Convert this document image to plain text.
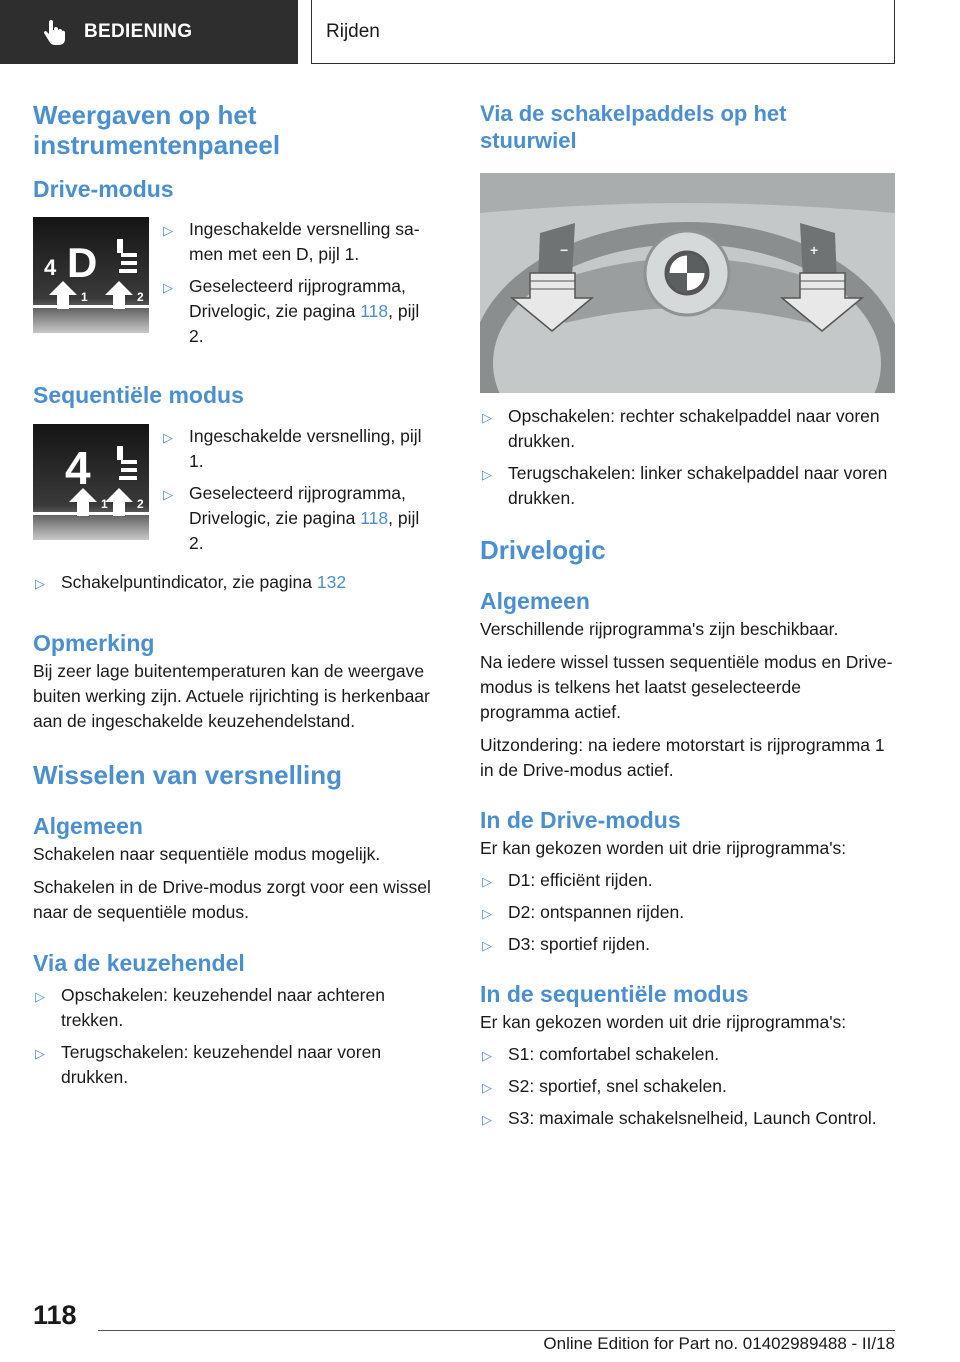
BEDIENING	Rijden
Weergaven op het instrumentenpaneel
Drive-modus
4 D
1	2
▷ Ingeschakelde versnelling samen met een D, pijl 1.
▷ Geselecteerd rijprogramma, Drivelogic, zie pagina 118, pijl 2.
Sequentiële modus
4
1 2
▷ Ingeschakelde versnelling, pijl 1.
▷ Geselecteerd rijprogramma, Drivelogic, zie pagina 118, pijl 2.
▷ Schakelpuntindicator, zie pagina 132
Opmerking

Bij zeer lage buitentemperaturen kan de weergave buiten werking zijn. Actuele rijrichting is herkenbaar aan de ingeschakelde keuzehendelstand.

Wisselen van versnelling
Algemeen

Schakelen naar sequentiële modus mogelijk.

Schakelen in de Drive-modus zorgt voor een wissel naar de sequentiële modus.

Via de keuzehendel
▷ Opschakelen: keuzehendel naar achteren trekken.
▷ Terugschakelen: keuzehendel naar voren drukken.
Via de schakelpaddels op het stuurwiel
−	+
▷ Opschakelen: rechter schakelpaddel naar voren drukken.
▷ Terugschakelen: linker schakelpaddel naar voren drukken.
Drivelogic
Algemeen

Verschillende rijprogramma's zijn beschikbaar.

Na iedere wissel tussen sequentiële modus en Drive-modus is telkens het laatst geselecteerde programma actief.

Uitzondering: na iedere motorstart is rijprogramma 1 in de Drive-modus actief.

In de Drive-modus

Er kan gekozen worden uit drie rijprogramma's:

▷ D1: efficiënt rijden.
▷ D2: ontspannen rijden.
▷ D3: sportief rijden.
In de sequentiële modus

Er kan gekozen worden uit drie rijprogramma's:

▷ S1: comfortabel schakelen.
▷ S2: sportief, snel schakelen.
▷ S3: maximale schakelsnelheid, Launch Control.
118
Online Edition for Part no. 01402989488 - II/18
